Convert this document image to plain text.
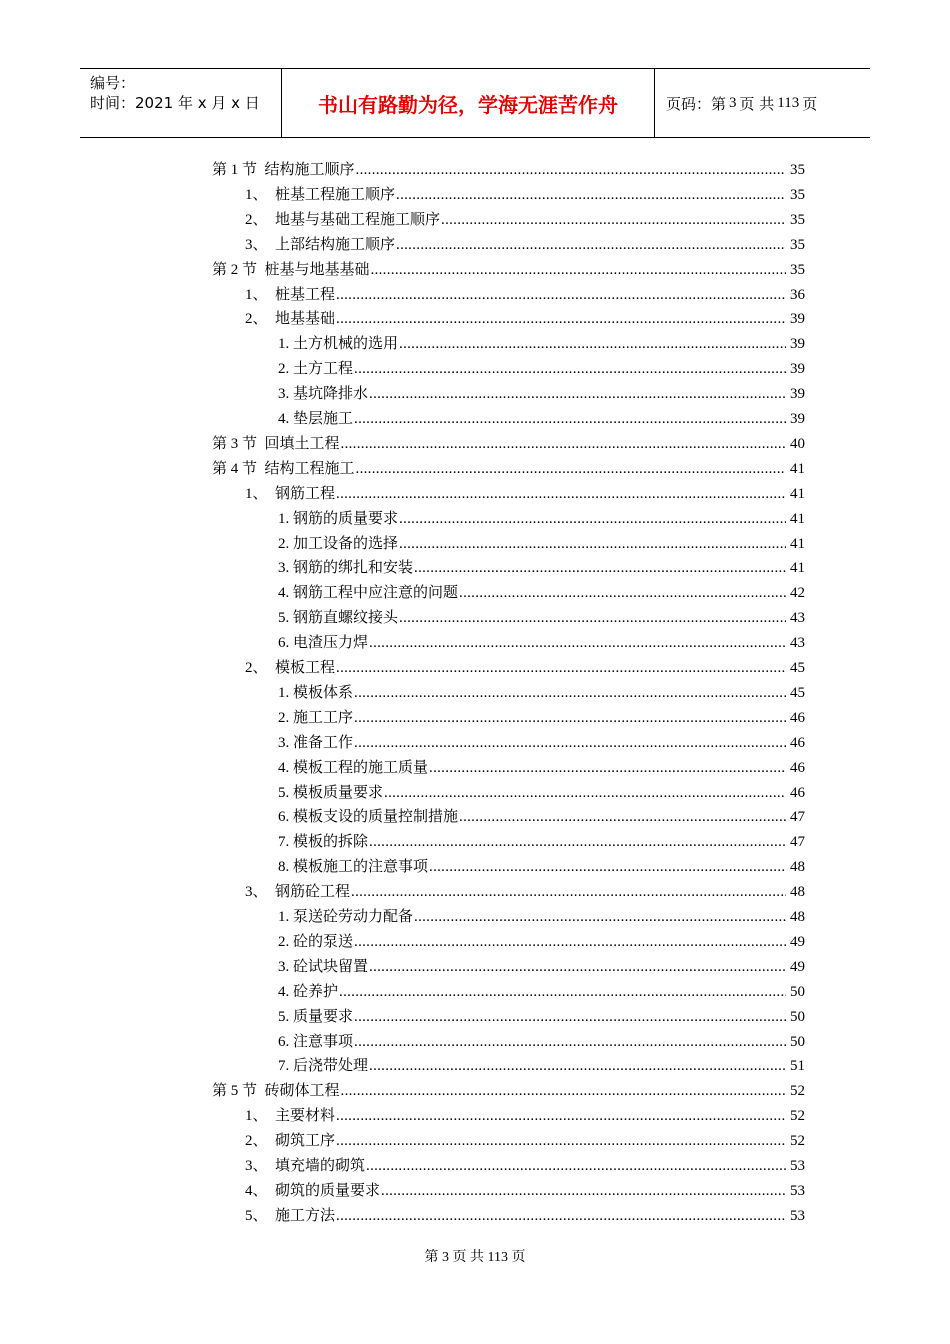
编号：
时间：2021 年 x 月 x 日	书山有路勤为径，学海无涯苦作舟	页码：第 3 页 共 113 页
第 1 节  结构施工顺序 .....	35
1、  桩基工程施工顺序 .....	35
2、  地基与基础工程施工顺序 .....	35
3、  上部结构施工顺序 .....	35
第 2 节  桩基与地基基础 .....	35
1、  桩基工程 .....	36
2、  地基基础 .....	39
1. 土方机械的选用 .....	39
2. 土方工程 .....	39
3. 基坑降排水 .....	39
4. 垫层施工 .....	39
第 3 节  回填土工程 .....	40
第 4 节  结构工程施工 .....	41
1、  钢筋工程 .....	41
1. 钢筋的质量要求 .....	41
2. 加工设备的选择 .....	41
3. 钢筋的绑扎和安装 .....	41
4. 钢筋工程中应注意的问题 .....	42
5. 钢筋直螺纹接头 .....	43
6. 电渣压力焊 .....	43
2、  模板工程 .....	45
1. 模板体系 .....	45
2. 施工工序 .....	46
3. 准备工作 .....	46
4. 模板工程的施工质量 .....	46
5. 模板质量要求 .....	46
6. 模板支设的质量控制措施 .....	47
7. 模板的拆除 .....	47
8. 模板施工的注意事项 .....	48
3、  钢筋砼工程 .....	48
1. 泵送砼劳动力配备 .....	48
2. 砼的泵送 .....	49
3. 砼试块留置 .....	49
4. 砼养护 .....	50
5. 质量要求 .....	50
6. 注意事项 .....	50
7. 后浇带处理 .....	51
第 5 节  砖砌体工程 .....	52
1、  主要材料 .....	52
2、  砌筑工序 .....	52
3、  填充墙的砌筑 .....	53
4、  砌筑的质量要求 .....	53
5、  施工方法 .....	53
第 3 页 共 113 页
